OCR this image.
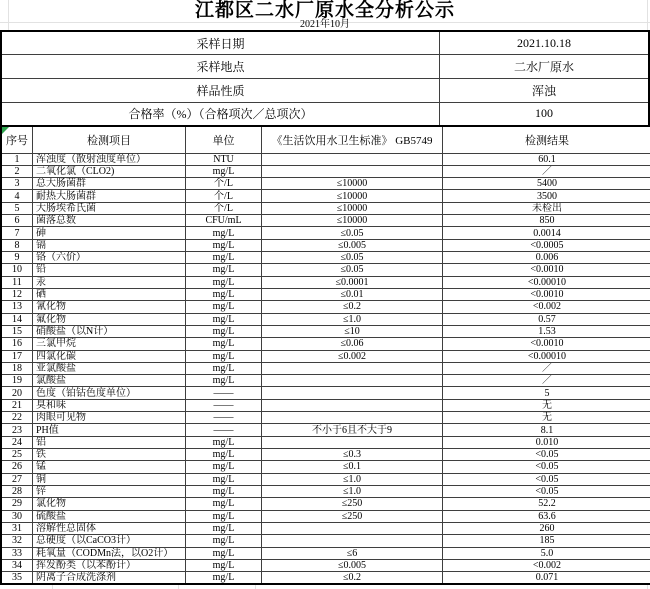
江都区二水厂原水全分析公示
2021年10月
采样日期	2021.10.18
采样地点	二水厂原水
样品性质	浑浊
合格率（%）（合格项次／总项次）	100
序号	检测项目	单位	《生活饮用水卫生标准》 GB5749	检测结果
1	浑浊度（散射浊度单位）	NTU		60.1
2	二氧化氯（CLO2)	mg/L		／
3	总大肠菌群	个/L	≤10000	5400
4	耐热大肠菌群	个/L	≤10000	3500
5	大肠埃希氏菌	个/L	≤10000	未检出
6	菌落总数	CFU/mL	≤10000	850
7	砷	mg/L	≤0.05	0.0014
8	镉	mg/L	≤0.005	<0.0005
9	铬（六价）	mg/L	≤0.05	0.006
10	铅	mg/L	≤0.05	<0.0010
11	汞	mg/L	≤0.0001	<0.00010
12	硒	mg/L	≤0.01	<0.0010
13	氰化物	mg/L	≤0.2	<0.002
14	氟化物	mg/L	≤1.0	0.57
15	硝酸盐（以N计）	mg/L	≤10	1.53
16	三氯甲烷	mg/L	≤0.06	<0.0010
17	四氯化碳	mg/L	≤0.002	<0.00010
18	亚氯酸盐	mg/L		／
19	氯酸盐	mg/L		／
20	色度（铂钴色度单位）	——		5
21	臭和味	——		无
22	肉眼可见物	——		无
23	PH值	——	不小于6且不大于9	8.1
24	铝	mg/L		0.010
25	铁	mg/L	≤0.3	<0.05
26	锰	mg/L	≤0.1	<0.05
27	铜	mg/L	≤1.0	<0.05
28	锌	mg/L	≤1.0	<0.05
29	氯化物	mg/L	≤250	52.2
30	硫酸盐	mg/L	≤250	63.6
31	溶解性总固体	mg/L		260
32	总硬度（以CaCO3计）	mg/L		185
33	耗氧量（CODMn法，以O2计）	mg/L	≤6	5.0
34	挥发酚类（以苯酚计）	mg/L	≤0.005	<0.002
35	阴离子合成洗涤剂	mg/L	≤0.2	0.071
